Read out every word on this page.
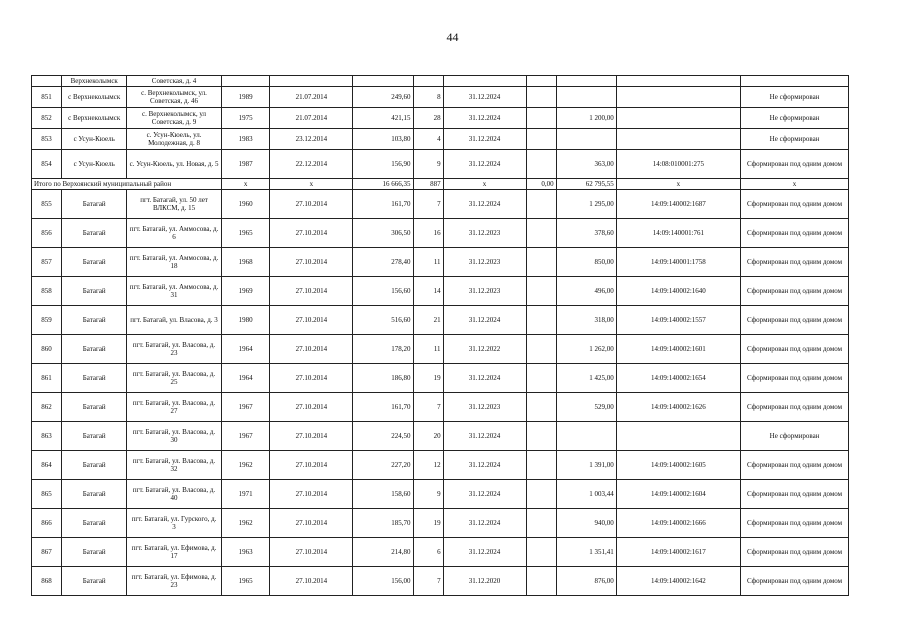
44
	Верхнеколымск	Советская, д. 4									
851	с Верхнеколымск	с. Верхнеколымск, ул. Советская, д. 46	1989	21.07.2014	249,60	8	31.12.2024				Не сформирован
852	с Верхнеколымск	с. Верхнеколымск, ул Советская, д. 9	1975	21.07.2014	421,15	28	31.12.2024		1 200,00		Не сформирован
853	с Усун-Кюель	с. Усун-Кюель, ул. Молодежная, д. 8	1983	23.12.2014	103,80	4	31.12.2024				Не сформирован
854	с Усун-Кюель	с. Усун-Кюель, ул. Новая, д. 5	1987	22.12.2014	156,90	9	31.12.2024		363,00	14:08:010001:275	Сформирован под одним домом
Итого по Верхоянский муниципальный район			х	х	16 666,35	887	х	0,00	62 795,55	х	х
855	Батагай	пгт. Батагай, ул. 50 лет ВЛКСМ, д. 15	1960	27.10.2014	161,70	7	31.12.2024		1 295,00	14:09:140002:1687	Сформирован под одним домом
856	Батагай	пгт. Батагай, ул. Аммосова, д. 6	1965	27.10.2014	306,50	16	31.12.2023		378,60	14:09:140001:761	Сформирован под одним домом
857	Батагай	пгт. Батагай, ул. Аммосова, д. 18	1968	27.10.2014	278,40	11	31.12.2023		850,00	14:09:140001:1758	Сформирован под одним домом
858	Батагай	пгт. Батагай, ул. Аммосова, д. 31	1969	27.10.2014	156,60	14	31.12.2023		496,00	14:09:140002:1640	Сформирован под одним домом
859	Батагай	пгт. Батагай, ул. Власова, д. 3	1980	27.10.2014	516,60	21	31.12.2024		318,00	14:09:140002:1557	Сформирован под одним домом
860	Батагай	пгт. Батагай, ул. Власова, д. 23	1964	27.10.2014	178,20	11	31.12.2022		1 262,00	14:09:140002:1601	Сформирован под одним домом
861	Батагай	пгт. Батагай, ул. Власова, д. 25	1964	27.10.2014	186,80	19	31.12.2024		1 425,00	14:09:140002:1654	Сформирован под одним домом
862	Батагай	пгт. Батагай, ул. Власова, д. 27	1967	27.10.2014	161,70	7	31.12.2023		529,00	14:09:140002:1626	Сформирован под одним домом
863	Батагай	пгт. Батагай, ул. Власова, д. 30	1967	27.10.2014	224,50	20	31.12.2024				Не сформирован
864	Батагай	пгт. Батагай, ул. Власова, д. 32	1962	27.10.2014	227,20	12	31.12.2024		1 391,00	14:09:140002:1605	Сформирован под одним домом
865	Батагай	пгт. Батагай, ул. Власова, д. 40	1971	27.10.2014	158,60	9	31.12.2024		1 003,44	14:09:140002:1604	Сформирован под одним домом
866	Батагай	пгт. Батагай, ул. Гурского, д. 3	1962	27.10.2014	185,70	19	31.12.2024		940,00	14:09:140002:1666	Сформирован под одним домом
867	Батагай	пгт. Батагай, ул. Ефимова, д. 17	1963	27.10.2014	214,80	6	31.12.2024		1 351,41	14:09:140002:1617	Сформирован под одним домом
868	Батагай	пгт. Батагай, ул. Ефимова, д. 23	1965	27.10.2014	156,00	7	31.12.2020		876,00	14:09:140002:1642	Сформирован под одним домом
